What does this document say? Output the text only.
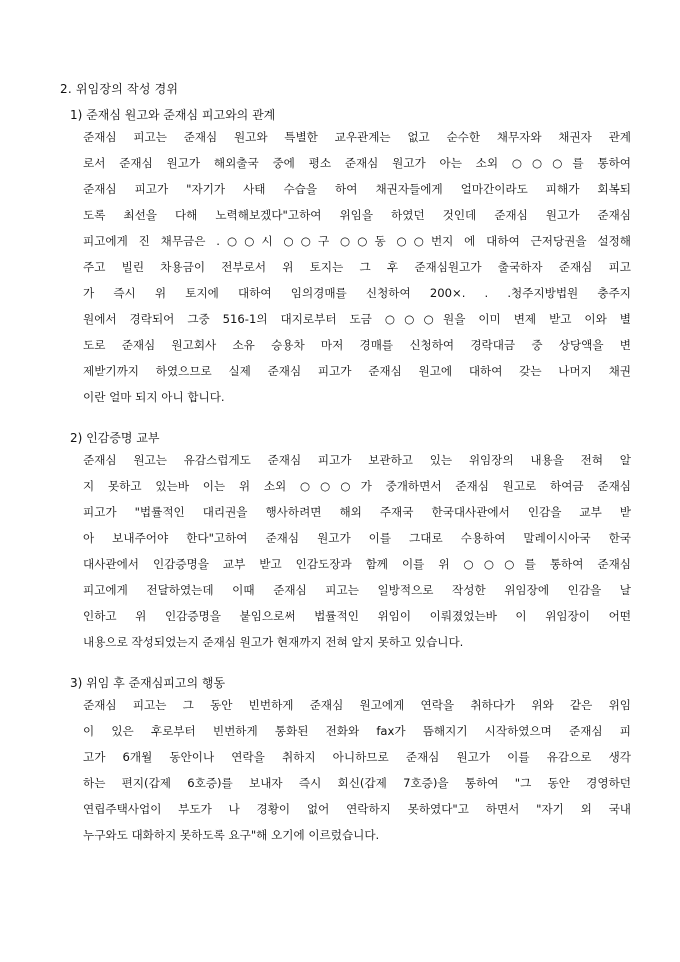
2. 위임장의 작성 경위
1) 준재심 원고와 준재심 피고와의 관계
준재심 피고는 준재심 원고와 특별한 교우관계는 없고 순수한 채무자와 채권자 관계
로서 준재심 원고가 해외출국 중에 평소 준재심 원고가 아는 소외 ○○○를 통하여
준재심 피고가 "자기가 사태 수습을 하여 채권자들에게 얼마간이라도 피해가 회복되
도록 최선을 다해 노력해보겠다"고하여 위임을 하였던 것인데 준재심 원고가 준재심
피고에게 진 채무금은 .○○시 ○○구 ○○동 ○○번지 에 대하여 근저당권을 설정해
주고 빌린 차용금이 전부로서 위 토지는 그 후 준재심원고가 출국하자 준재심 피고
가 즉시 위 토지에 대하여 임의경매를 신청하여 200×. . .청주지방법원 충주지
원에서 경락되어 그중 516-1의 대지로부터 도금 ○○○원을 이미 변제 받고 이와 별
도로 준재심 원고회사 소유 승용차 마저 경매를 신청하여 경락대금 중 상당액을 변
제받기까지 하였으므로 실제 준재심 피고가 준재심 원고에 대하여 갖는 나머지 채권
이란 얼마 되지 아니 합니다.
2) 인감증명 교부
준재심 원고는 유감스럽게도 준재심 피고가 보관하고 있는 위임장의 내용을 전혀 알
지 못하고 있는바 이는 위 소외 ○○○가 중개하면서 준재심 원고로 하여금 준재심
피고가 "법률적인 대리권을 행사하려면 해외 주재국 한국대사관에서 인감을 교부 받
아 보내주어야 한다"고하여 준재심 원고가 이를 그대로 수용하여 말레이시아국 한국
대사관에서 인감증명을 교부 받고 인감도장과 함께 이를 위 ○○○를 통하여 준재심
피고에게 전달하였는데 이때 준재심 피고는 일방적으로 작성한 위임장에 인감을 날
인하고 위 인감증명을 붙임으로써 법률적인 위임이 이뤄졌었는바 이 위임장이 어떤
내용으로 작성되었는지 준재심 원고가 현재까지 전혀 알지 못하고 있습니다.
3) 위임 후 준재심피고의 행동
준재심 피고는 그 동안 빈번하게 준재심 원고에게 연락을 취하다가 위와 같은 위임
이 있은 후로부터 빈번하게 통화된 전화와 fax가 뜸해지기 시작하였으며 준재심 피
고가 6개월 동안이나 연락을 취하지 아니하므로 준재심 원고가 이를 유감으로 생각
하는 편지(갑제 6호증)를 보내자 즉시 회신(갑제 7호증)을 통하여 "그 동안 경영하던
연립주택사업이 부도가 나 경황이 없어 연락하지 못하였다"고 하면서 "자기 외 국내
누구와도 대화하지 못하도록 요구"해 오기에 이르렀습니다.
